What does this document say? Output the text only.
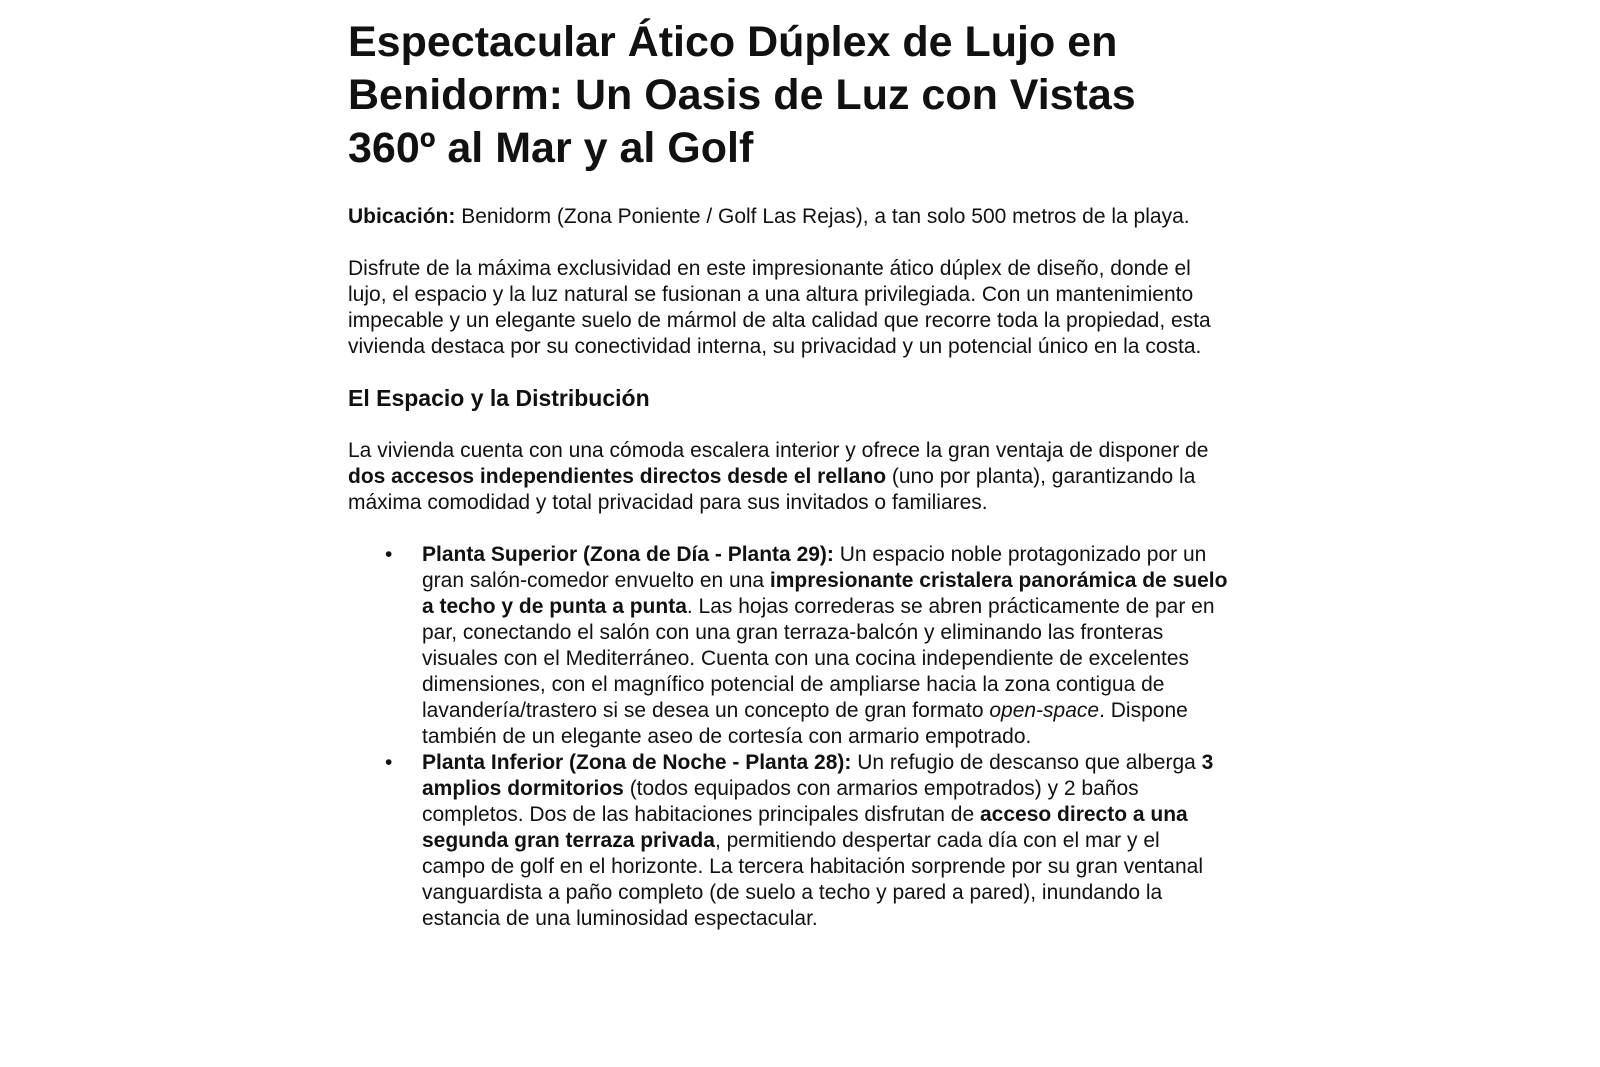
Espectacular Ático Dúplex de Lujo en Benidorm: Un Oasis de Luz con Vistas 360º al Mar y al Golf

Ubicación: Benidorm (Zona Poniente / Golf Las Rejas), a tan solo 500 metros de la playa.

Disfrute de la máxima exclusividad en este impresionante ático dúplex de diseño, donde el lujo, el espacio y la luz natural se fusionan a una altura privilegiada. Con un mantenimiento impecable y un elegante suelo de mármol de alta calidad que recorre toda la propiedad, esta vivienda destaca por su conectividad interna, su privacidad y un potencial único en la costa.

El Espacio y la Distribución

La vivienda cuenta con una cómoda escalera interior y ofrece la gran ventaja de disponer de dos accesos independientes directos desde el rellano (uno por planta), garantizando la máxima comodidad y total privacidad para sus invitados o familiares.

• Planta Superior (Zona de Día - Planta 29): Un espacio noble protagonizado por un gran salón-comedor envuelto en una impresionante cristalera panorámica de suelo a techo y de punta a punta. Las hojas correderas se abren prácticamente de par en par, conectando el salón con una gran terraza-balcón y eliminando las fronteras visuales con el Mediterráneo. Cuenta con una cocina independiente de excelentes dimensiones, con el magnífico potencial de ampliarse hacia la zona contigua de lavandería/trastero si se desea un concepto de gran formato open-space. Dispone también de un elegante aseo de cortesía con armario empotrado.
• Planta Inferior (Zona de Noche - Planta 28): Un refugio de descanso que alberga 3 amplios dormitorios (todos equipados con armarios empotrados) y 2 baños completos. Dos de las habitaciones principales disfrutan de acceso directo a una segunda gran terraza privada, permitiendo despertar cada día con el mar y el campo de golf en el horizonte. La tercera habitación sorprende por su gran ventanal vanguardista a paño completo (de suelo a techo y pared a pared), inundando la estancia de una luminosidad espectacular.
